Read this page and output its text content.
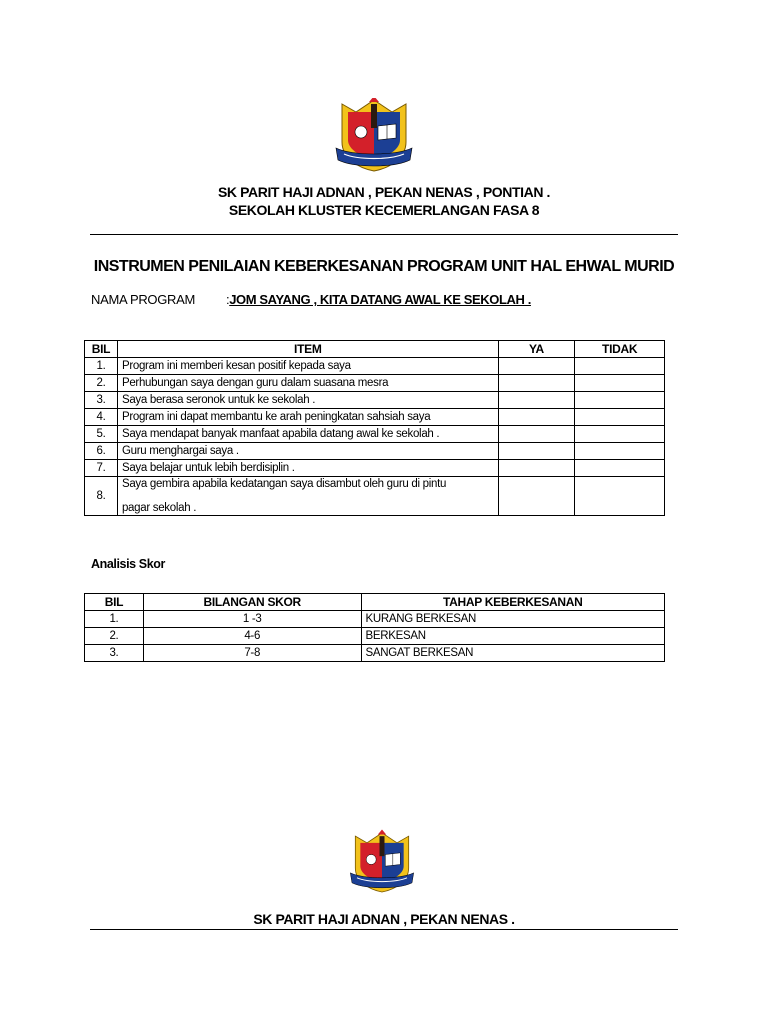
SK PARIT HAJI ADNAN , PEKAN NENAS , PONTIAN .
SEKOLAH KLUSTER KECEMERLANGAN FASA 8
INSTRUMEN PENILAIAN KEBERKESANAN PROGRAM UNIT HAL EHWAL MURID
NAMA PROGRAM :JOM SAYANG , KITA DATANG AWAL KE SEKOLAH .
BIL	ITEM	YA	TIDAK
1.	Program ini memberi kesan positif kepada saya		
2.	Perhubungan saya dengan guru dalam suasana mesra		
3.	Saya berasa seronok untuk ke sekolah .		
4.	Program ini dapat membantu ke arah peningkatan sahsiah saya		
5.	Saya mendapat banyak manfaat apabila datang awal ke sekolah .		
6.	Guru menghargai saya .		
7.	Saya belajar untuk lebih berdisiplin .		
8.	Saya gembira apabila kedatangan saya disambut oleh guru di pintu
pagar sekolah .		

Analisis Skor
BIL	BILANGAN SKOR	TAHAP KEBERKESANAN
1.	1 -3	KURANG BERKESAN
2.	4-6	BERKESAN
3.	7-8	SANGAT BERKESAN
SK PARIT HAJI ADNAN , PEKAN NENAS .
